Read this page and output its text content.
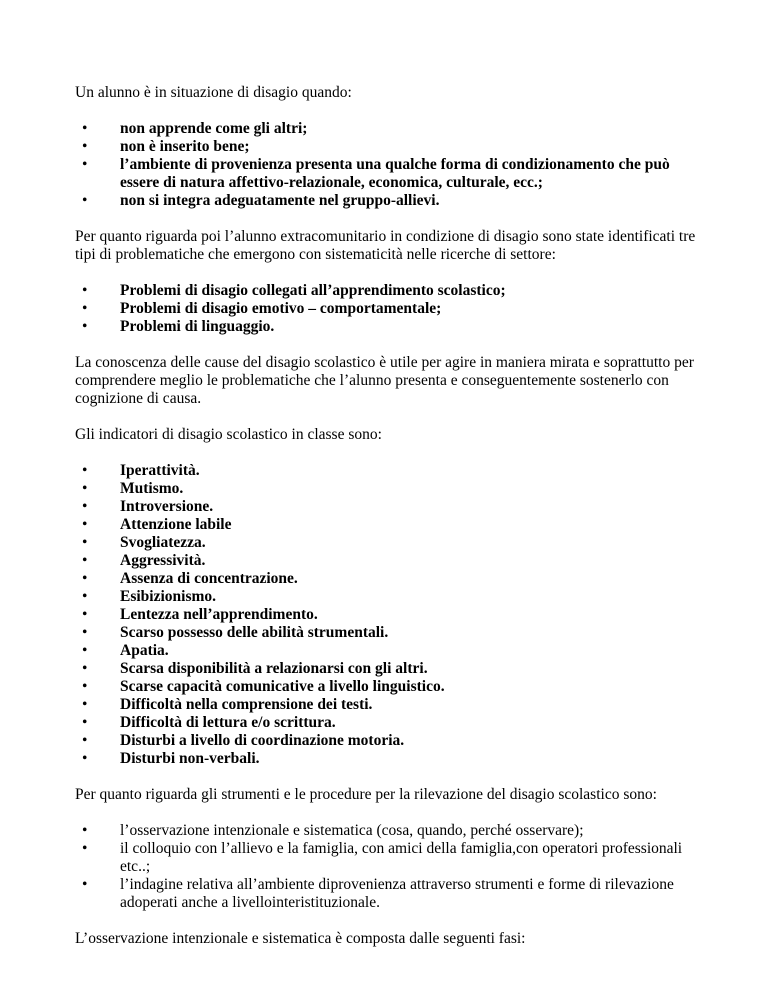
Un alunno è in situazione di disagio quando:

• non apprende come gli altri;
• non è inserito bene;
• l’ambiente di provenienza presenta una qualche forma di condizionamento che può essere di natura affettivo-relazionale, economica, culturale, ecc.;
• non si integra adeguatamente nel gruppo-allievi.

Per quanto riguarda poi l’alunno extracomunitario in condizione di disagio sono state identificati tre tipi di problematiche che emergono con sistematicità nelle ricerche di settore:

• Problemi di disagio collegati all’apprendimento scolastico;
• Problemi di disagio emotivo – comportamentale;
• Problemi di linguaggio.

La conoscenza delle cause del disagio scolastico è utile per agire in maniera mirata e soprattutto per comprendere meglio le problematiche che l’alunno presenta e conseguentemente sostenerlo con cognizione di causa.

Gli indicatori di disagio scolastico in classe sono:

• Iperattività.
• Mutismo.
• Introversione.
• Attenzione labile
• Svogliatezza.
• Aggressività.
• Assenza di concentrazione.
• Esibizionismo.
• Lentezza nell’apprendimento.
• Scarso possesso delle abilità strumentali.
• Apatia.
• Scarsa disponibilità a relazionarsi con gli altri.
• Scarse capacità comunicative a livello linguistico.
• Difficoltà nella comprensione dei testi.
• Difficoltà di lettura e/o scrittura.
• Disturbi a livello di coordinazione motoria.
• Disturbi non-verbali.

Per quanto riguarda gli strumenti e le procedure per la rilevazione del disagio scolastico sono:

• l’osservazione intenzionale e sistematica (cosa, quando, perché osservare);
• il colloquio con l’allievo e la famiglia, con amici della famiglia,con operatori professionali etc..;
• l’indagine relativa all’ambiente diprovenienza attraverso strumenti e forme di rilevazione adoperati anche a livellointeristituzionale.

L’osservazione intenzionale e sistematica è composta dalle seguenti fasi:
